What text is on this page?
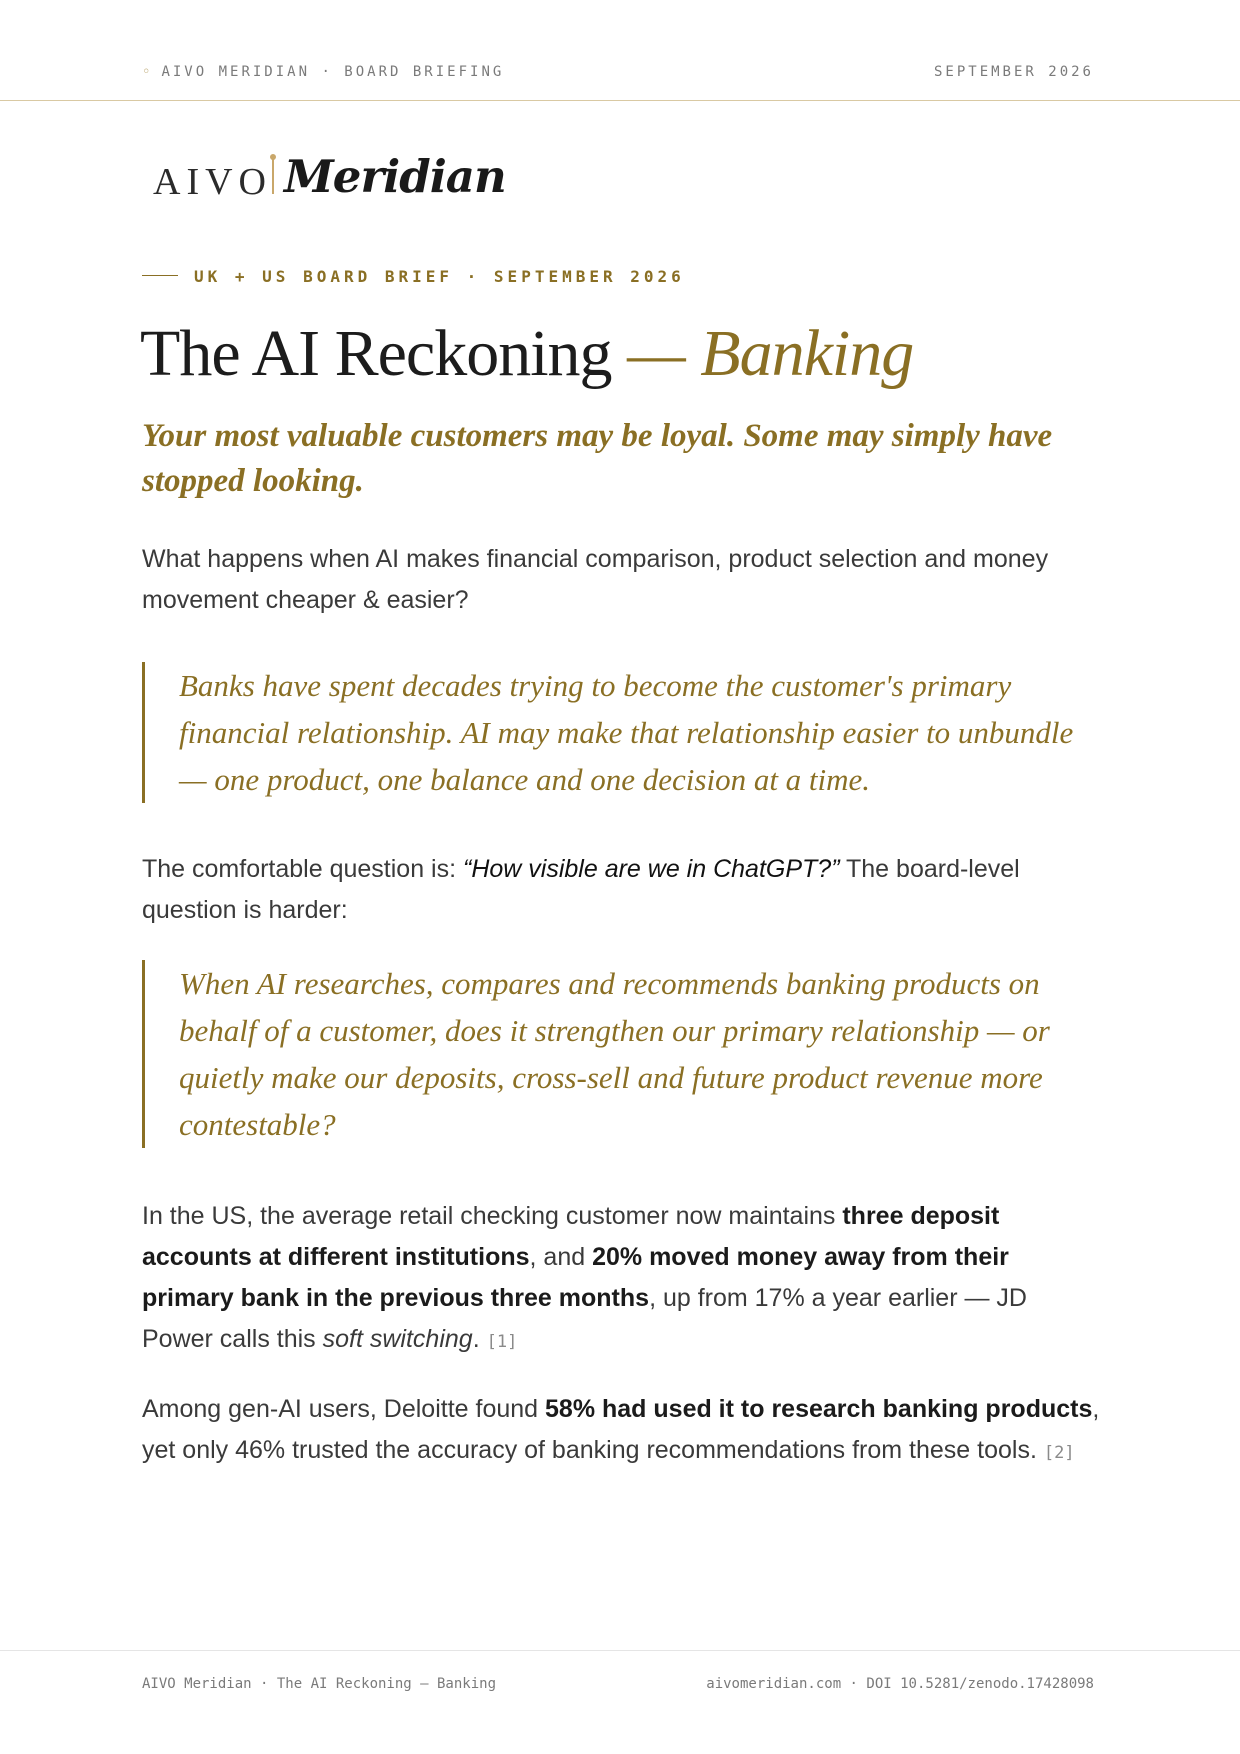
◦ AIVO MERIDIAN · BOARD BRIEFING	SEPTEMBER 2026
AIVO Meridian
UK + US BOARD BRIEF · SEPTEMBER 2026
The AI Reckoning — Banking
Your most valuable customers may be loyal. Some may simply have stopped looking.
What happens when AI makes financial comparison, product selection and money movement cheaper & easier?
Banks have spent decades trying to become the customer's primary financial relationship. AI may make that relationship easier to unbundle — one product, one balance and one decision at a time.
The comfortable question is: “How visible are we in ChatGPT?” The board-level question is harder:
When AI researches, compares and recommends banking products on behalf of a customer, does it strengthen our primary relationship — or quietly make our deposits, cross-sell and future product revenue more contestable?
In the US, the average retail checking customer now maintains three deposit accounts at different institutions, and 20% moved money away from their primary bank in the previous three months, up from 17% a year earlier — JD Power calls this soft switching. [1]
Among gen-AI users, Deloitte found 58% had used it to research banking products, yet only 46% trusted the accuracy of banking recommendations from these tools. [2]
AIVO Meridian · The AI Reckoning — Banking	aivomeridian.com · DOI 10.5281/zenodo.17428098
